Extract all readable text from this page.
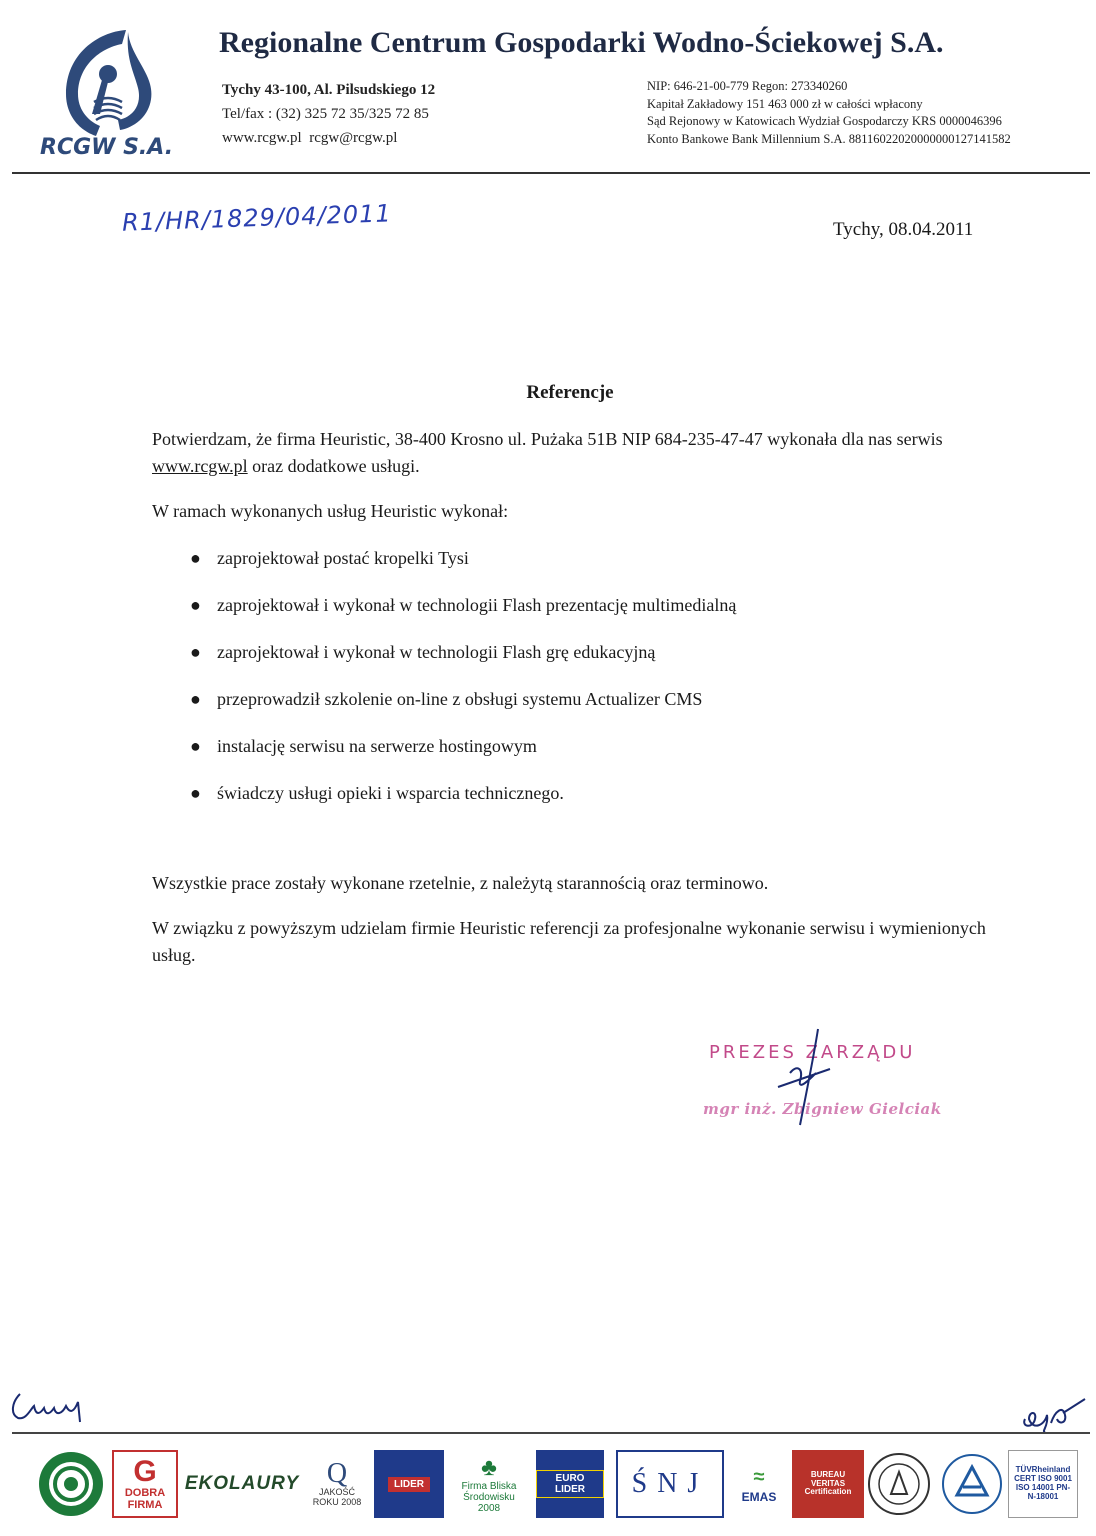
RCGW S.A.
Regionalne Centrum Gospodarki Wodno-Ściekowej S.A.
Tychy 43-100, Al. Pilsudskiego 12
Tel/fax : (32) 325 72 35/325 72 85
www.rcgw.pl rcgw@rcgw.pl
NIP: 646-21-00-779 Regon: 273340260
Kapitał Zakładowy 151 463 000 zł w całości wpłacony
Sąd Rejonowy w Katowicach Wydział Gospodarczy KRS 0000046396
Konto Bankowe Bank Millennium S.A. 88116022020000000127141582
R1/HR/1829/04/2011	Tychy, 08.04.2011
Referencje
Potwierdzam, że firma Heuristic, 38-400 Krosno ul. Pużaka 51B NIP 684-235-47-47 wykonała dla nas serwis www.rcgw.pl oraz dodatkowe usługi.
W ramach wykonanych usług Heuristic wykonał:
● zaprojektował postać kropelki Tysi
● zaprojektował i wykonał w technologii Flash prezentację multimedialną
● zaprojektował i wykonał w technologii Flash grę edukacyjną
● przeprowadził szkolenie on-line z obsługi systemu Actualizer CMS
● instalację serwisu na serwerze hostingowym
● świadczy usługi opieki i wsparcia technicznego.
Wszystkie prace zostały wykonane rzetelnie, z należytą starannością oraz terminowo.
W związku z powyższym udzielam firmie Heuristic referencji za profesjonalne wykonanie serwisu i wymienionych usług.
PREZES ZARZĄDU
mgr inż. Zbigniew Gielciak
G
DOBRA FIRMA
EKOLAURY Q
JAKOŚĆ ROKU 2008
LIDER
♣
Firma Bliska Środowisku 2008
EURO LIDER	ŚNJ	≈
EMAS
BUREAU VERITAS Certification
TÜVRheinland CERT ISO 9001 ISO 14001 PN-N-18001
